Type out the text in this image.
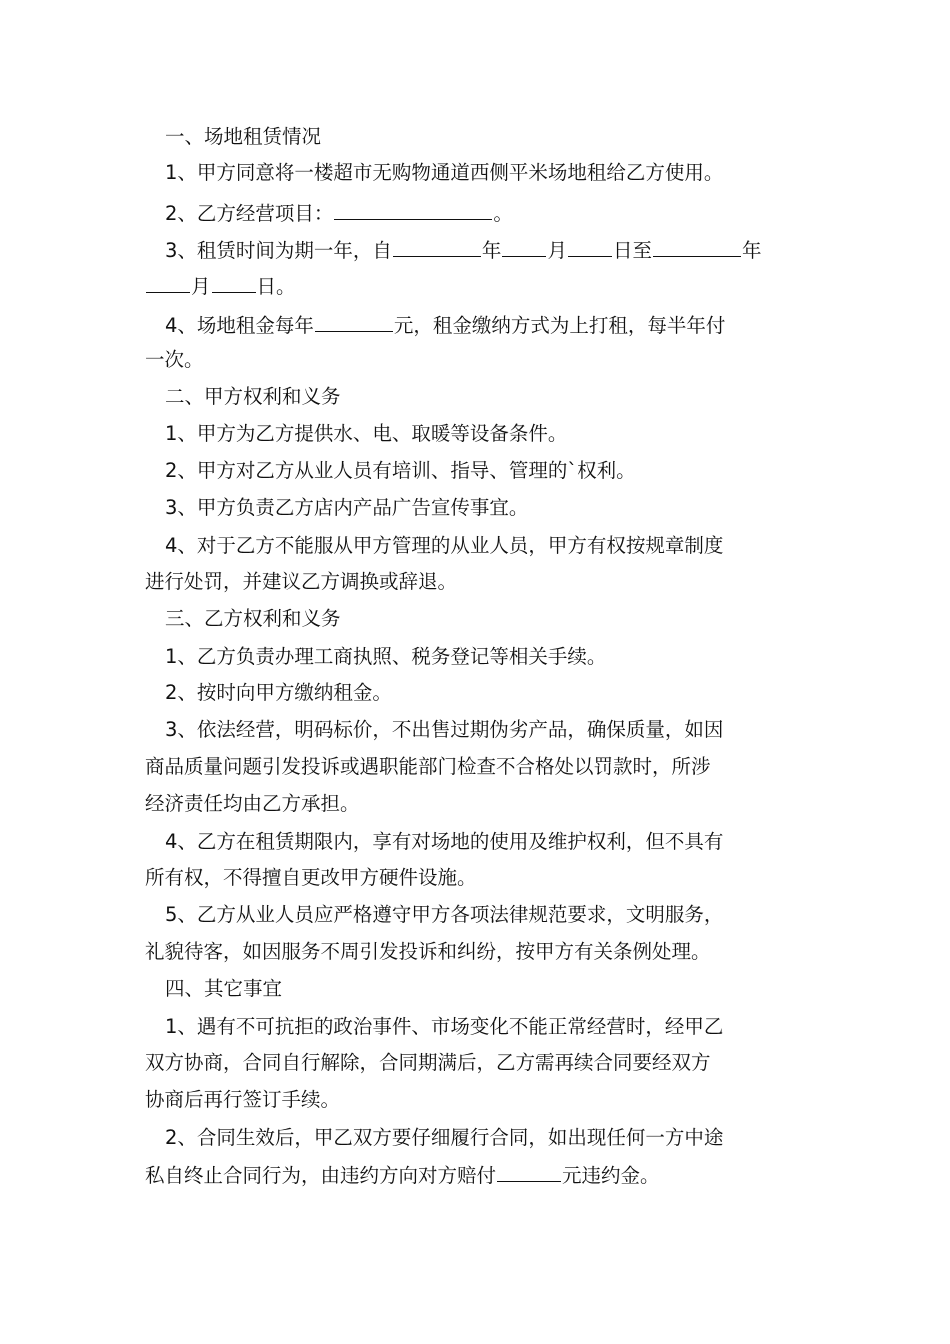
一、场地租赁情况

1、甲方同意将一楼超市无购物通道西侧平米场地租给乙方使用。

2、乙方经营项目：	。

3、租赁时间为期一年，自	年 月 日至	年

月 日。

4、场地租金每年	元，租金缴纳方式为上打租，每半年付

一次。

二、甲方权利和义务

1、甲方为乙方提供水、电、取暖等设备条件。

2、甲方对乙方从业人员有培训、指导、管理的`权利。

3、甲方负责乙方店内产品广告宣传事宜。

4、对于乙方不能服从甲方管理的从业人员，甲方有权按规章制度

进行处罚，并建议乙方调换或辞退。

三、乙方权利和义务

1、乙方负责办理工商执照、税务登记等相关手续。

2、按时向甲方缴纳租金。

3、依法经营，明码标价，不出售过期伪劣产品，确保质量，如因

商品质量问题引发投诉或遇职能部门检查不合格处以罚款时，所涉

经济责任均由乙方承担。

4、乙方在租赁期限内，享有对场地的使用及维护权利，但不具有

所有权，不得擅自更改甲方硬件设施。

5、乙方从业人员应严格遵守甲方各项法律规范要求，文明服务，

礼貌待客，如因服务不周引发投诉和纠纷，按甲方有关条例处理。

四、其它事宜

1、遇有不可抗拒的政治事件、市场变化不能正常经营时，经甲乙

双方协商，合同自行解除，合同期满后，乙方需再续合同要经双方

协商后再行签订手续。

2、合同生效后，甲乙双方要仔细履行合同，如出现任何一方中途

私自终止合同行为，由违约方向对方赔付	元违约金。
